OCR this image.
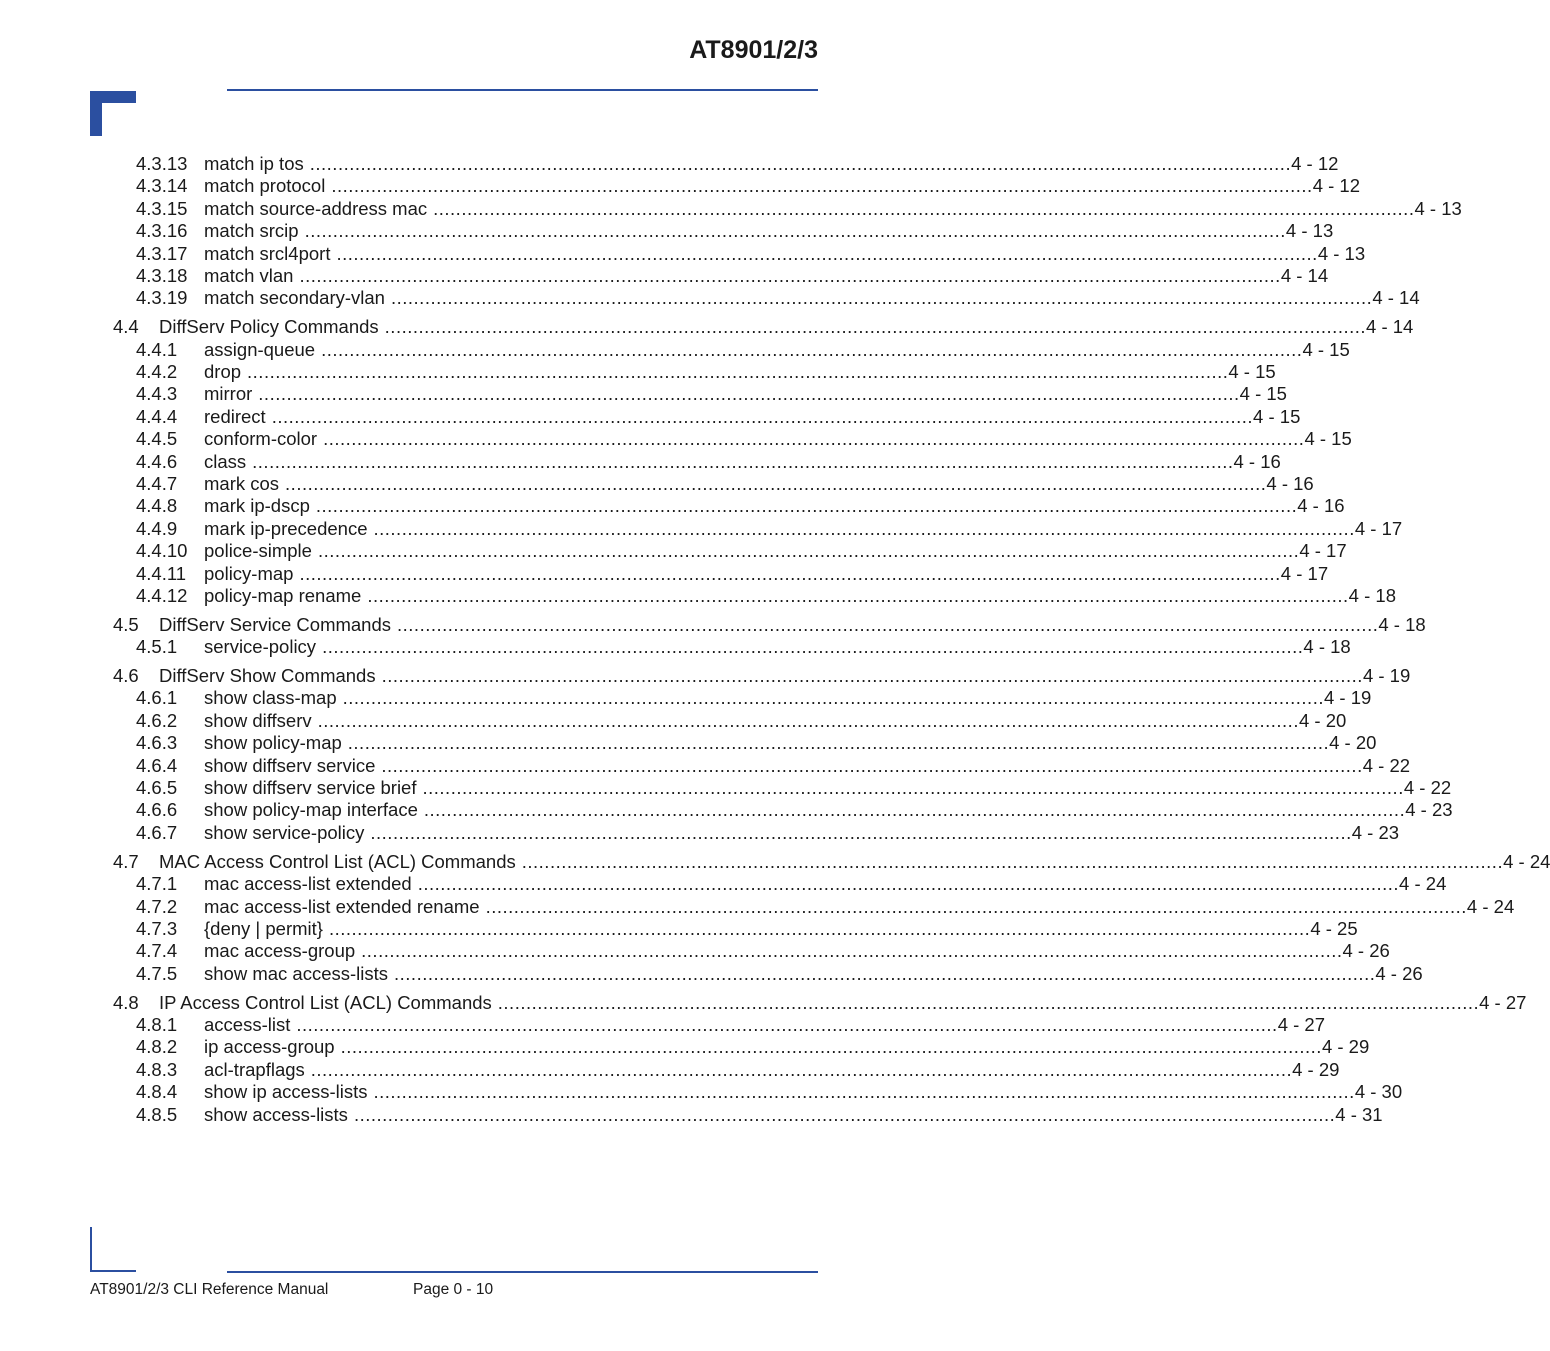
AT8901/2/3
4.3.13 match ip tos .............................................................................................................................................................................. 4 - 12
4.3.14 match protocol .............................................................................................................................................................................. 4 - 12
4.3.15 match source-address mac .............................................................................................................................................................................. 4 - 13
4.3.16 match srcip .............................................................................................................................................................................. 4 - 13
4.3.17 match srcl4port .............................................................................................................................................................................. 4 - 13
4.3.18 match vlan .............................................................................................................................................................................. 4 - 14
4.3.19 match secondary-vlan .............................................................................................................................................................................. 4 - 14
4.4 DiffServ Policy Commands .............................................................................................................................................................................. 4 - 14
4.4.1 assign-queue .............................................................................................................................................................................. 4 - 15
4.4.2 drop .............................................................................................................................................................................. 4 - 15
4.4.3 mirror .............................................................................................................................................................................. 4 - 15
4.4.4 redirect .............................................................................................................................................................................. 4 - 15
4.4.5 conform-color .............................................................................................................................................................................. 4 - 15
4.4.6 class .............................................................................................................................................................................. 4 - 16
4.4.7 mark cos .............................................................................................................................................................................. 4 - 16
4.4.8 mark ip-dscp .............................................................................................................................................................................. 4 - 16
4.4.9 mark ip-precedence .............................................................................................................................................................................. 4 - 17
4.4.10 police-simple .............................................................................................................................................................................. 4 - 17
4.4.11 policy-map .............................................................................................................................................................................. 4 - 17
4.4.12 policy-map rename .............................................................................................................................................................................. 4 - 18
4.5 DiffServ Service Commands .............................................................................................................................................................................. 4 - 18
4.5.1 service-policy .............................................................................................................................................................................. 4 - 18
4.6 DiffServ Show Commands .............................................................................................................................................................................. 4 - 19
4.6.1 show class-map .............................................................................................................................................................................. 4 - 19
4.6.2 show diffserv .............................................................................................................................................................................. 4 - 20
4.6.3 show policy-map .............................................................................................................................................................................. 4 - 20
4.6.4 show diffserv service .............................................................................................................................................................................. 4 - 22
4.6.5 show diffserv service brief .............................................................................................................................................................................. 4 - 22
4.6.6 show policy-map interface .............................................................................................................................................................................. 4 - 23
4.6.7 show service-policy .............................................................................................................................................................................. 4 - 23
4.7 MAC Access Control List (ACL) Commands .............................................................................................................................................................................. 4 - 24
4.7.1 mac access-list extended .............................................................................................................................................................................. 4 - 24
4.7.2 mac access-list extended rename .............................................................................................................................................................................. 4 - 24
4.7.3 {deny | permit} .............................................................................................................................................................................. 4 - 25
4.7.4 mac access-group .............................................................................................................................................................................. 4 - 26
4.7.5 show mac access-lists .............................................................................................................................................................................. 4 - 26
4.8 IP Access Control List (ACL) Commands .............................................................................................................................................................................. 4 - 27
4.8.1 access-list .............................................................................................................................................................................. 4 - 27
4.8.2 ip access-group .............................................................................................................................................................................. 4 - 29
4.8.3 acl-trapflags .............................................................................................................................................................................. 4 - 29
4.8.4 show ip access-lists .............................................................................................................................................................................. 4 - 30
4.8.5 show access-lists .............................................................................................................................................................................. 4 - 31
AT8901/2/3 CLI Reference Manual	Page 0 - 10
